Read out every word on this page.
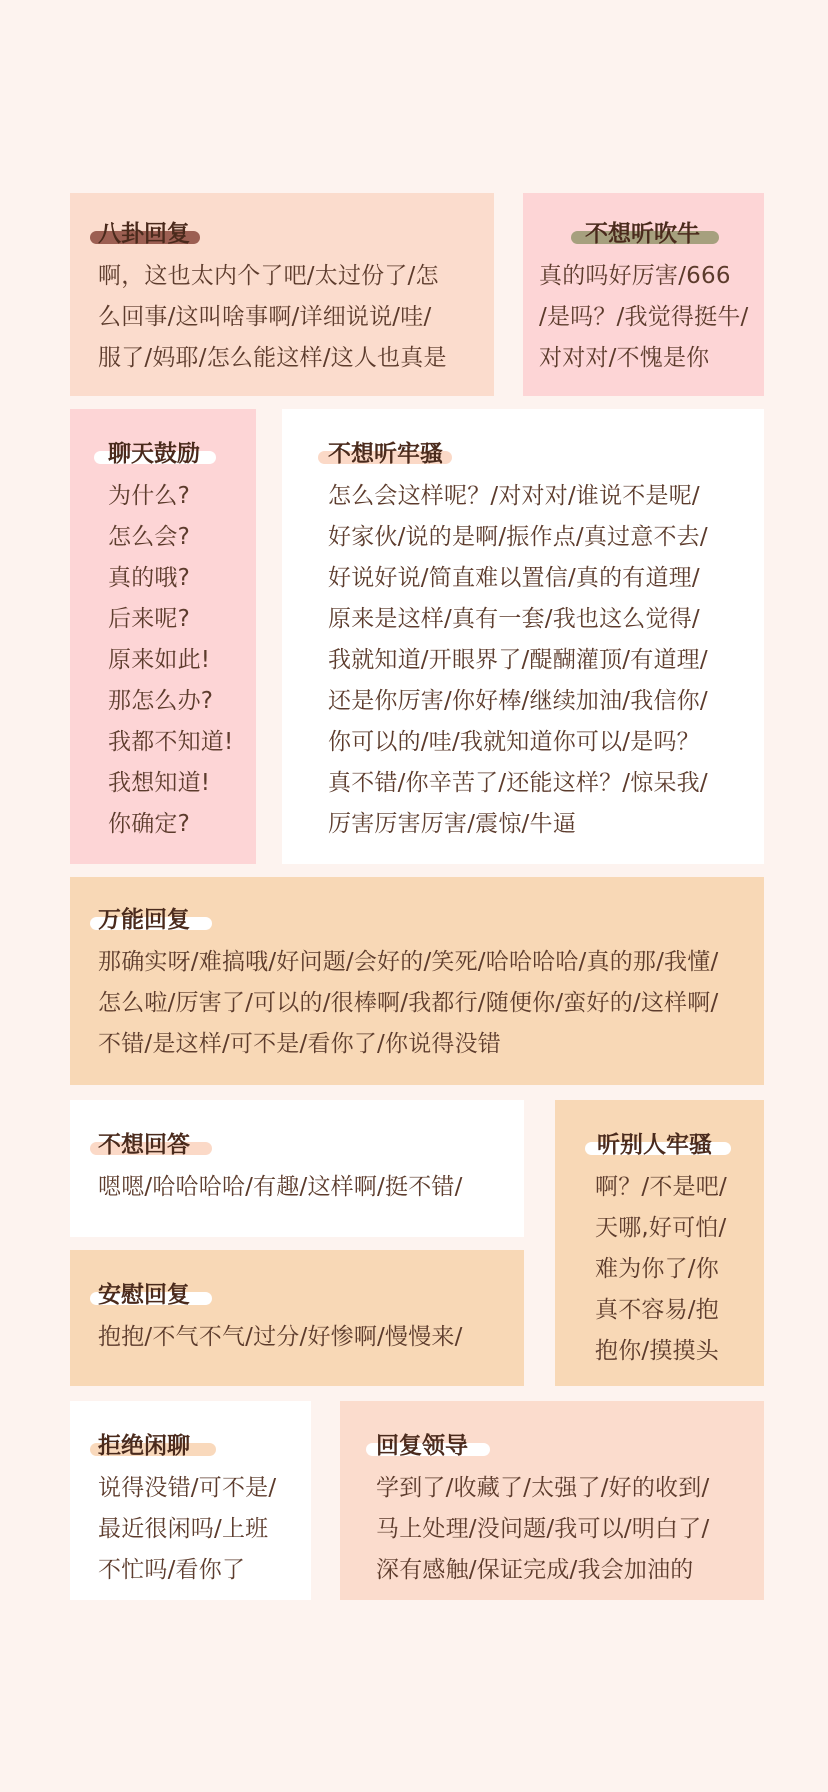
八卦回复
啊，这也太内个了吧/太过份了/怎
么回事/这叫啥事啊/详细说说/哇/
服了/妈耶/怎么能这样/这人也真是
不想听吹牛
真的吗好厉害/666
/是吗？/我觉得挺牛/
对对对/不愧是你
聊天鼓励
为什么?
怎么会?
真的哦?
后来呢?
原来如此!
那怎么办?
我都不知道!
我想知道!
你确定?
不想听牢骚
怎么会这样呢？/对对对/谁说不是呢/
好家伙/说的是啊/振作点/真过意不去/
好说好说/简直难以置信/真的有道理/
原来是这样/真有一套/我也这么觉得/
我就知道/开眼界了/醍醐灌顶/有道理/
还是你厉害/你好棒/继续加油/我信你/
你可以的/哇/我就知道你可以/是吗？
真不错/你辛苦了/还能这样？/惊呆我/
厉害厉害厉害/震惊/牛逼
万能回复
那确实呀/难搞哦/好问题/会好的/笑死/哈哈哈哈/真的那/我懂/
怎么啦/厉害了/可以的/很棒啊/我都行/随便你/蛮好的/这样啊/
不错/是这样/可不是/看你了/你说得没错
不想回答
嗯嗯/哈哈哈哈/有趣/这样啊/挺不错/
听别人牢骚
啊？/不是吧/
天哪,好可怕/
难为你了/你
真不容易/抱
抱你/摸摸头
安慰回复
抱抱/不气不气/过分/好惨啊/慢慢来/
拒绝闲聊
说得没错/可不是/
最近很闲吗/上班
不忙吗/看你了
回复领导
学到了/收藏了/太强了/好的收到/
马上处理/没问题/我可以/明白了/
深有感触/保证完成/我会加油的
